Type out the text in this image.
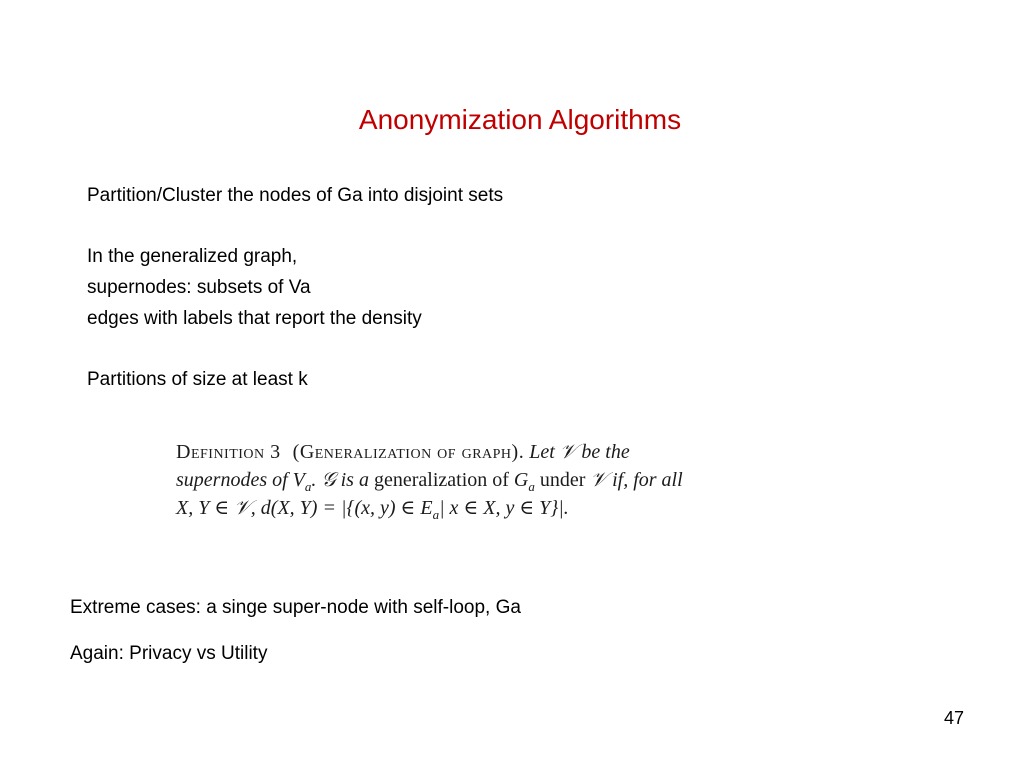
Anonymization Algorithms
Partition/Cluster the nodes of Ga into disjoint sets
In the generalized graph,
supernodes: subsets of Va
edges with labels that report the density
Partitions of size at least k
Definition 3 (Generalization of graph). Let 𝒱 be the
supernodes of $V_a$. 𝒢 is a generalization of $G_a$ under 𝒱 if, for all
X, Y ∈ 𝒱, d(X, Y) = |{(x, y) ∈ $E_a|$ x ∈ X, y ∈ Y}|.
Extreme cases: a singe super-node with self-loop, Ga
Again: Privacy vs Utility
47
